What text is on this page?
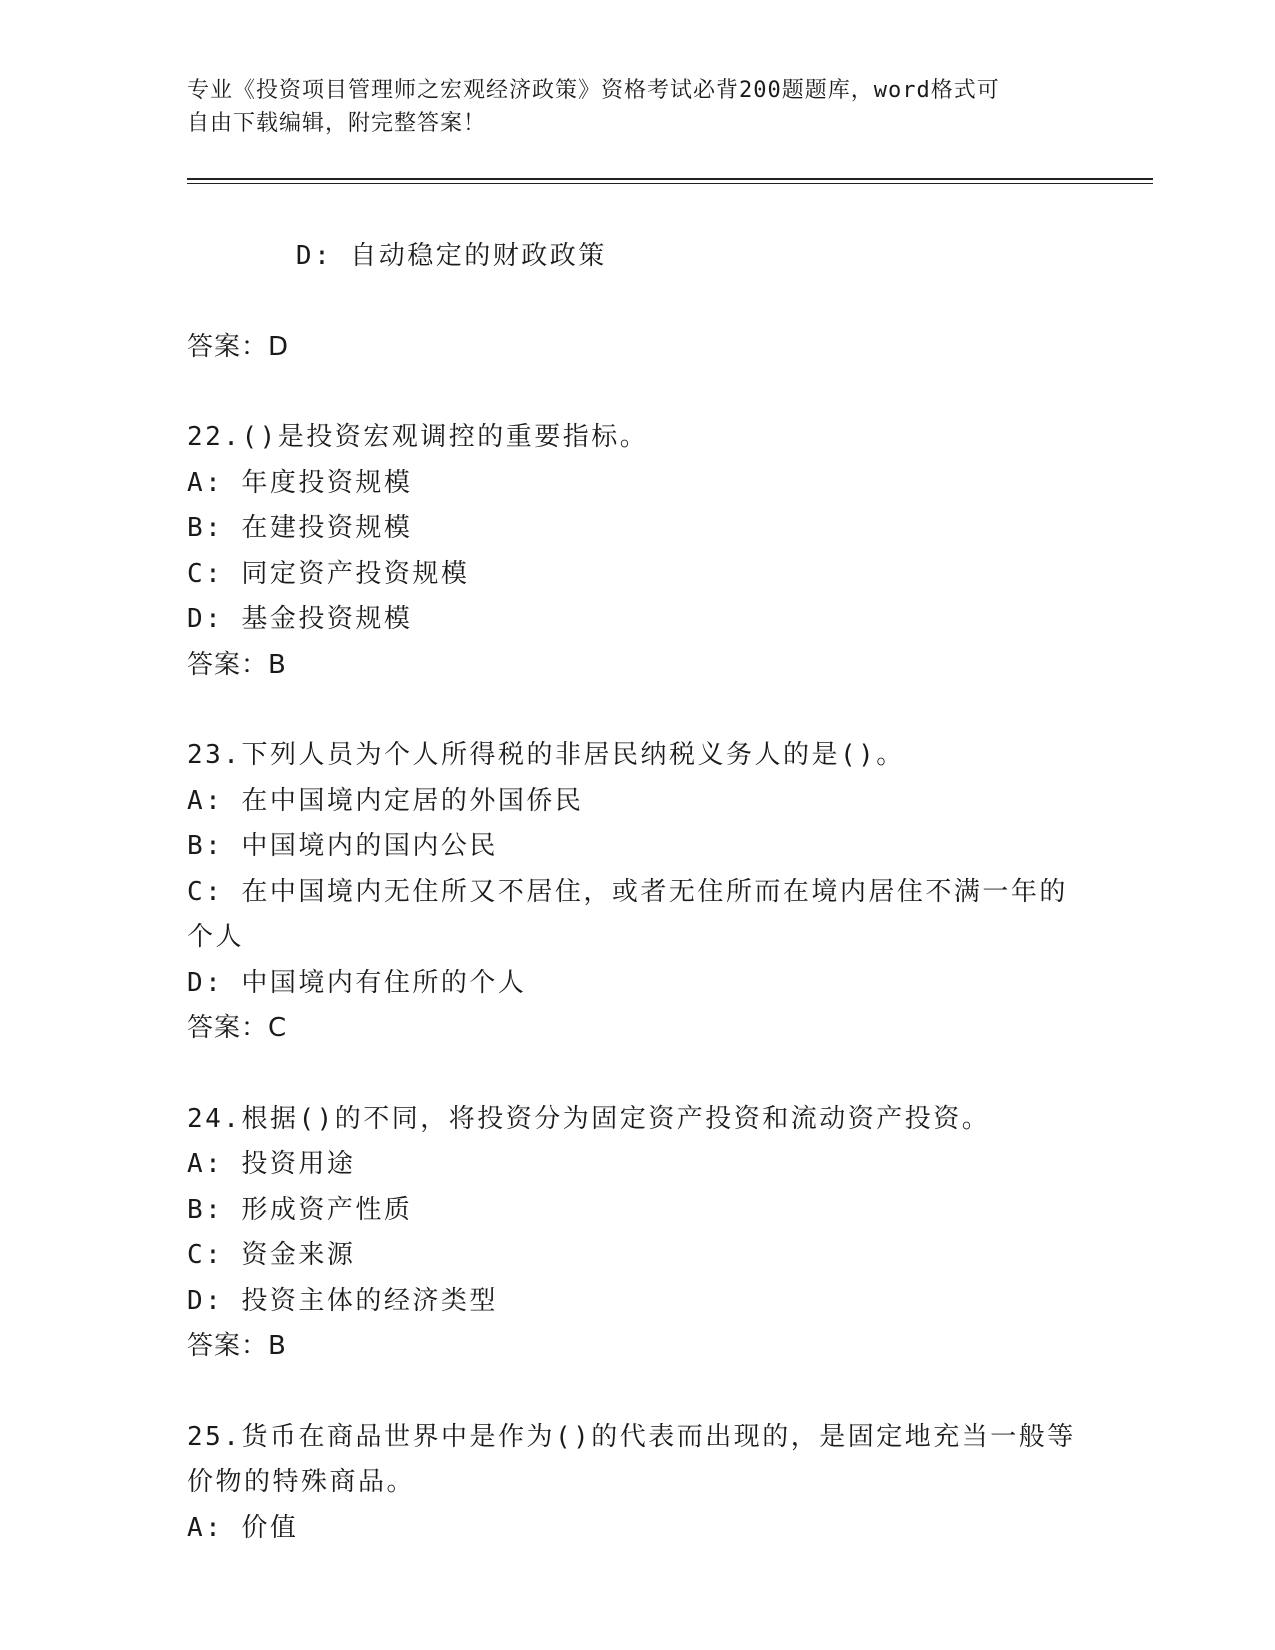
专业《投资项目管理师之宏观经济政策》资格考试必背200题题库，word格式可
自由下载编辑，附完整答案！

D: 自动稳定的财政政策

答案：D
22.()是投资宏观调控的重要指标。
A: 年度投资规模
B: 在建投资规模
C: 同定资产投资规模
D: 基金投资规模
答案：B
23.下列人员为个人所得税的非居民纳税义务人的是()。
A: 在中国境内定居的外国侨民
B: 中国境内的国内公民
C: 在中国境内无住所又不居住，或者无住所而在境内居住不满一年的
个人
D: 中国境内有住所的个人
答案：C
24.根据()的不同，将投资分为固定资产投资和流动资产投资。
A: 投资用途
B: 形成资产性质
C: 资金来源
D: 投资主体的经济类型
答案：B
25.货币在商品世界中是作为()的代表而出现的，是固定地充当一般等
价物的特殊商品。
A: 价值
